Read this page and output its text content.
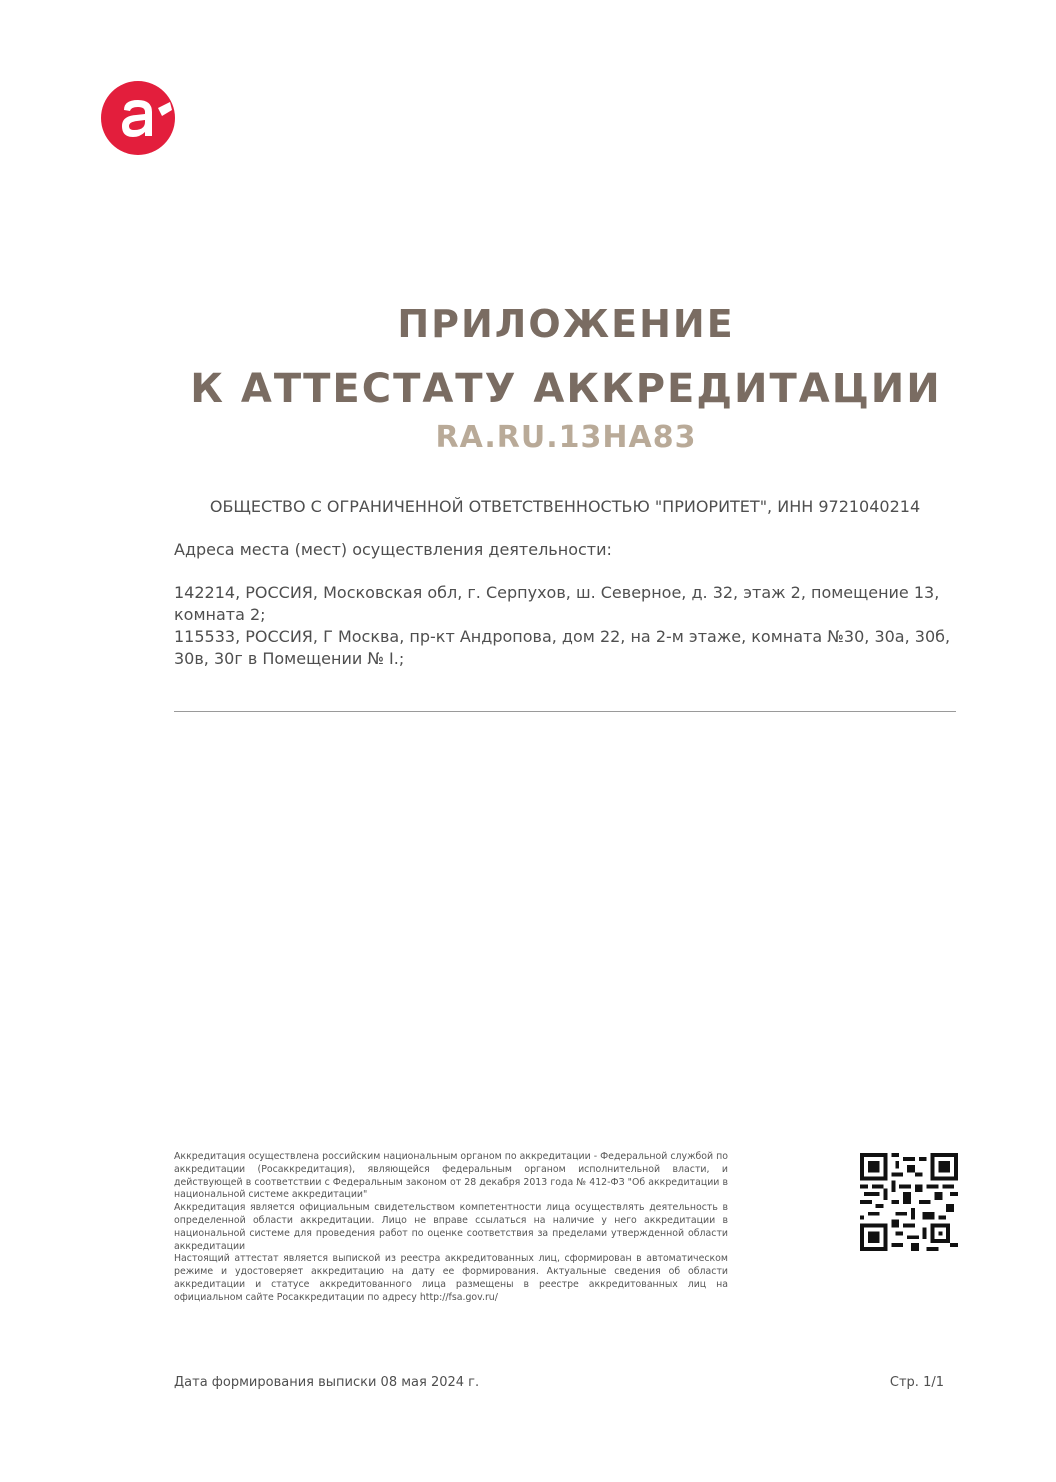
ПРИЛОЖЕНИЕ
К АТТЕСТАТУ АККРЕДИТАЦИИ
RA.RU.13НА83
ОБЩЕСТВО С ОГРАНИЧЕННОЙ ОТВЕТСТВЕННОСТЬЮ "ПРИОРИТЕТ", ИНН 9721040214
Адреса места (мест) осуществления деятельности:
142214, РОССИЯ, Московская обл, г. Серпухов, ш. Северное, д. 32, этаж 2, помещение 13,
комната 2;
115533, РОССИЯ, Г Москва, пр-кт Андропова, дом 22, на 2-м этаже, комната №30, 30а, 30б,
30в, 30г в Помещении № I.;
Аккредитация осуществлена российским национальным органом по аккредитации - Федеральной службой по аккредитации (Росаккредитация), являющейся федеральным органом исполнительной власти, и действующей в соответствии с Федеральным законом от 28 декабря 2013 года № 412-ФЗ "Об аккредитации в национальной системе аккредитации"
Аккредитация является официальным свидетельством компетентности лица осуществлять деятельность в определенной области аккредитации. Лицо не вправе ссылаться на наличие у него аккредитации в национальной системе для проведения работ по оценке соответствия за пределами утвержденной области аккредитации
Настоящий аттестат является выпиской из реестра аккредитованных лиц, сформирован в автоматическом режиме и удостоверяет аккредитацию на дату ее формирования. Актуальные сведения об области аккредитации и статусе аккредитованного лица размещены в реестре аккредитованных лиц на официальном сайте Росаккредитации по адресу http://fsa.gov.ru/
Дата формирования выписки 08 мая 2024 г.	Стр. 1/1
